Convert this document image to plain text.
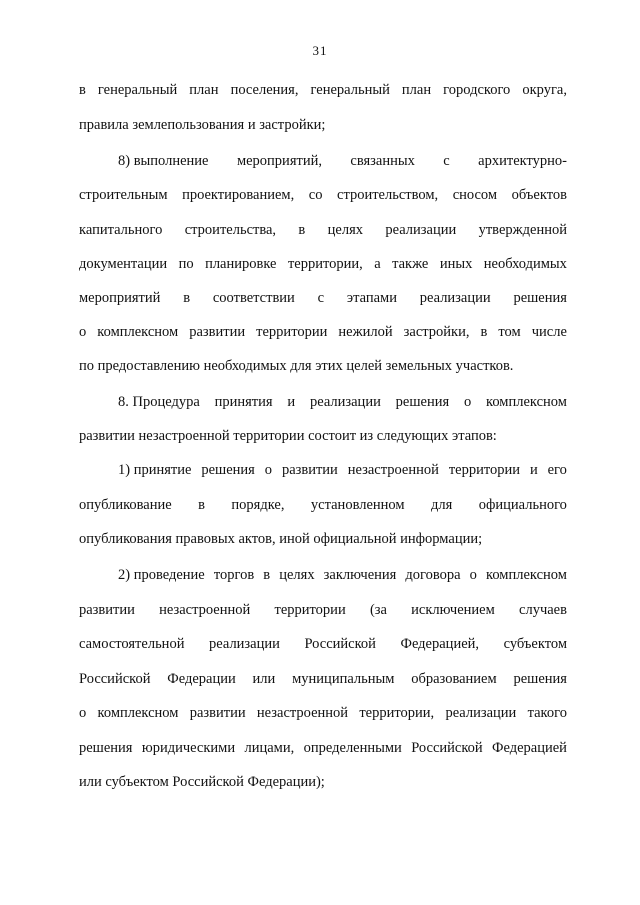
31
в генеральный план поселения, генеральный план городского округа,
правила землепользования и застройки;
8) выполнение мероприятий, связанных с архитектурно-
строительным проектированием, со строительством, сносом объектов
капитального строительства, в целях реализации утвержденной
документации по планировке территории, а также иных необходимых
мероприятий в соответствии с этапами реализации решения
о комплексном развитии территории нежилой застройки, в том числе
по предоставлению необходимых для этих целей земельных участков.
8. Процедура принятия и реализации решения о комплексном
развитии незастроенной территории состоит из следующих этапов:
1) принятие решения о развитии незастроенной территории и его
опубликование в порядке, установленном для официального
опубликования правовых актов, иной официальной информации;
2) проведение торгов в целях заключения договора о комплексном
развитии незастроенной территории (за исключением случаев
самостоятельной реализации Российской Федерацией, субъектом
Российской Федерации или муниципальным образованием решения
о комплексном развитии незастроенной территории, реализации такого
решения юридическими лицами, определенными Российской Федерацией
или субъектом Российской Федерации);
